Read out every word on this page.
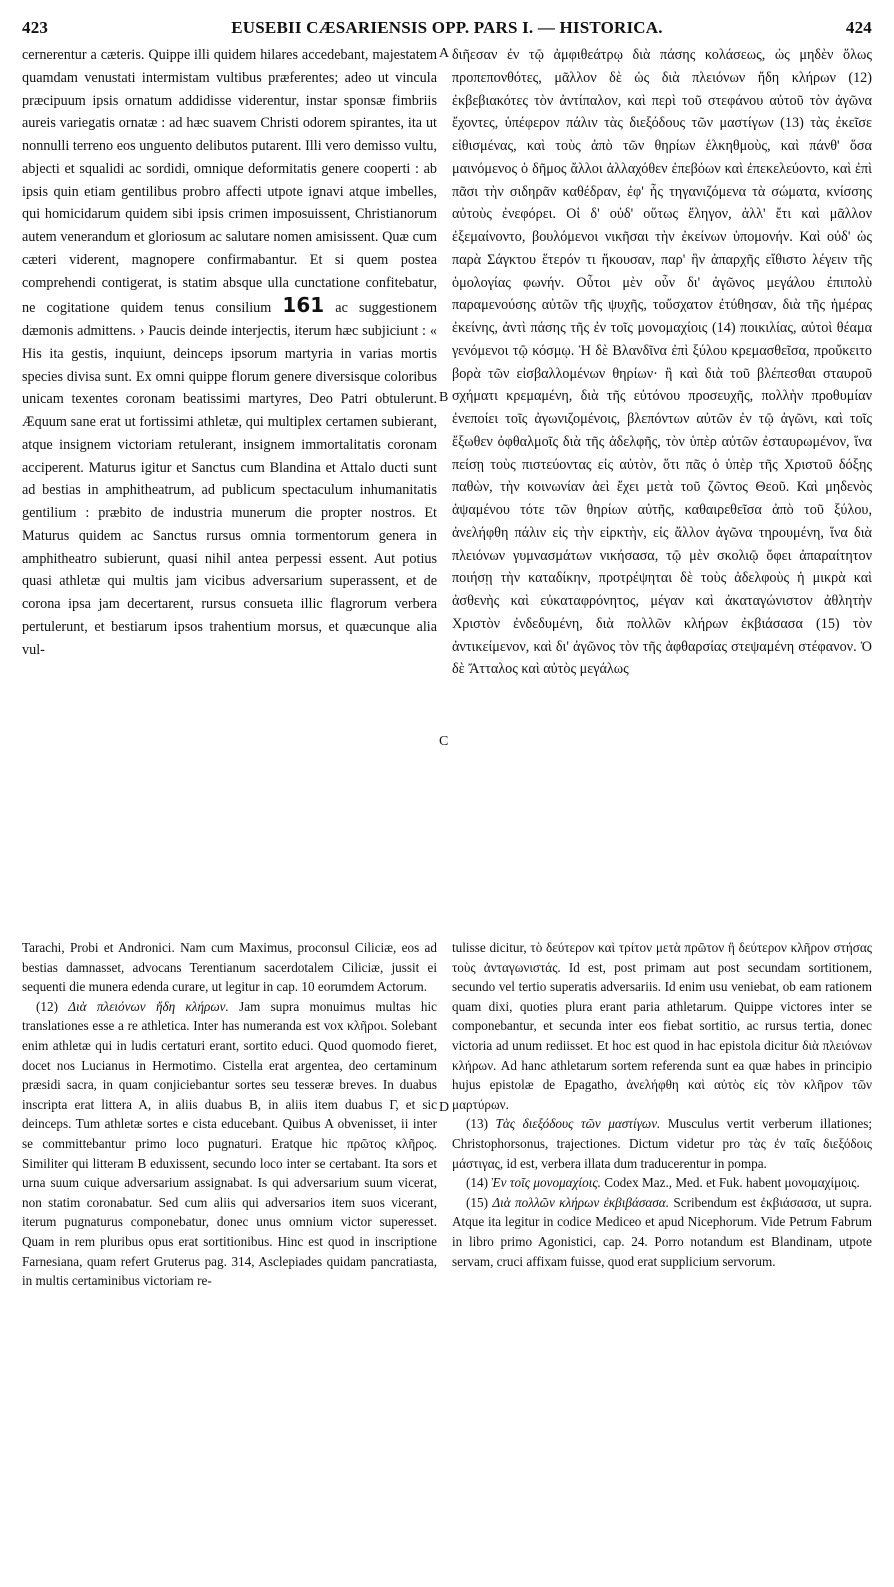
423	EUSEBII CÆSARIENSIS OPP. PARS I. — HISTORICA.	424
A
B
C
D

cernerentur a cæteris. Quippe illi quidem hilares accedebant, majestatem quamdam venustati intermistam vultibus præferentes; adeo ut vincula præcipuum ipsis ornatum addidisse viderentur, instar sponsæ fimbriis aureis variegatis ornatæ : ad hæc suavem Christi odorem spirantes, ita ut nonnulli terreno eos unguento delibutos putarent. Illi vero demisso vultu, abjecti et squalidi ac sordidi, omnique deformitatis genere cooperti : ab ipsis quin etiam gentilibus probro affecti utpote ignavi atque imbelles, qui homicidarum quidem sibi ipsis crimen imposuissent, Christianorum autem venerandum et gloriosum ac salutare nomen amisissent. Quæ cum cæteri viderent, magnopere confirmabantur. Et si quem postea comprehendi contigerat, is statim absque ulla cunctatione confitebatur, ne cogitatione quidem tenus consilium 161 ac suggestionem dæmonis admittens. › Paucis deinde interjectis, iterum hæc subjiciunt : « His ita gestis, inquiunt, deinceps ipsorum martyria in varias mortis species divisa sunt. Ex omni quippe florum genere diversisque coloribus unicam texentes coronam beatissimi martyres, Deo Patri obtulerunt. Æquum sane erat ut fortissimi athletæ, qui multiplex certamen subierant, atque insignem victoriam retulerant, insignem immortalitatis coronam acciperent. Maturus igitur et Sanctus cum Blandina et Attalo ducti sunt ad bestias in amphitheatrum, ad publicum spectaculum inhumanitatis gentilium : præbito de industria munerum die propter nostros. Et Maturus quidem ac Sanctus rursus omnia tormentorum genera in amphitheatro subierunt, quasi nihil antea perpessi essent. Aut potius quasi athletæ qui multis jam vicibus adversarium superassent, et de corona ipsa jam decertarent, rursus consueta illic flagrorum verbera pertulerunt, et bestiarum ipsos trahentium morsus, et quæcunque alia vul-

διῆεσαν ἐν τῷ ἀμφιθεάτρῳ διὰ πάσης κολάσεως, ὡς μηδὲν ὅλως προπεπονθότες, μᾶλλον δὲ ὡς διὰ πλειόνων ἤδη κλήρων (12) ἐκβεβιακότες τὸν ἀντίπαλον, καὶ περὶ τοῦ στεφάνου αὐτοῦ τὸν ἀγῶνα ἔχοντες, ὑπέφερον πάλιν τὰς διεξόδους τῶν μαστίγων (13) τὰς ἐκεῖσε εἰθισμένας, καὶ τοὺς ἀπὸ τῶν θηρίων ἑλκηθμοὺς, καὶ πάνθ' ὅσα μαινόμενος ὁ δῆμος ἄλλοι ἀλλαχόθεν ἐπεβόων καὶ ἐπεκελεύοντο, καὶ ἐπὶ πᾶσι τὴν σιδηρᾶν καθέδραν, ἐφ' ἧς τηγανιζόμενα τὰ σώματα, κνίσσης αὐτοὺς ἐνεφόρει. Οἱ δ' οὐδ' οὕτως ἔληγον, ἀλλ' ἔτι καὶ μᾶλλον ἐξεμαίνοντο, βουλόμενοι νικῆσαι τὴν ἐκείνων ὑπομονήν. Καὶ οὐδ' ὡς παρὰ Σάγκτου ἕτερόν τι ἤκουσαν, παρ' ἣν ἀπαρχῆς εἴθιστο λέγειν τῆς ὁμολογίας φωνήν. Οὗτοι μὲν οὖν δι' ἀγῶνος μεγάλου ἐπιπολὺ παραμενούσης αὐτῶν τῆς ψυχῆς, τοὔσχατον ἐτύθησαν, διὰ τῆς ἡμέρας ἐκείνης, ἀντὶ πάσης τῆς ἐν τοῖς μονομαχίοις (14) ποικιλίας, αὐτοὶ θέαμα γενόμενοι τῷ κόσμῳ. Ἡ δὲ Βλανδῖνα ἐπὶ ξύλου κρεμασθεῖσα, προὔκειτο βορὰ τῶν εἰσβαλλομένων θηρίων· ἣ καὶ διὰ τοῦ βλέπεσθαι σταυροῦ σχήματι κρεμαμένη, διὰ τῆς εὐτόνου προσευχῆς, πολλὴν προθυμίαν ἐνεποίει τοῖς ἀγωνιζομένοις, βλεπόντων αὐτῶν ἐν τῷ ἀγῶνι, καὶ τοῖς ἔξωθεν ὀφθαλμοῖς διὰ τῆς ἀδελφῆς, τὸν ὑπὲρ αὐτῶν ἐσταυρωμένον, ἵνα πείσῃ τοὺς πιστεύοντας εἰς αὐτὸν, ὅτι πᾶς ὁ ὑπὲρ τῆς Χριστοῦ δόξης παθὼν, τὴν κοινωνίαν ἀεὶ ἔχει μετὰ τοῦ ζῶντος Θεοῦ. Καὶ μηδενὸς ἁψαμένου τότε τῶν θηρίων αὐτῆς, καθαιρεθεῖσα ἀπὸ τοῦ ξύλου, ἀνελήφθη πάλιν εἰς τὴν εἱρκτὴν, εἰς ἄλλον ἀγῶνα τηρουμένη, ἵνα διὰ πλειόνων γυμνασμάτων νικήσασα, τῷ μὲν σκολιῷ ὄφει ἀπαραίτητον ποιήσῃ τὴν καταδίκην, προτρέψηται δὲ τοὺς ἀδελφοὺς ἡ μικρὰ καὶ ἀσθενὴς καὶ εὐκαταφρόνητος, μέγαν καὶ ἀκαταγώνιστον ἀθλητὴν Χριστὸν ἐνδεδυμένη, διὰ πολλῶν κλήρων ἐκβιάσασα (15) τὸν ἀντικείμενον, καὶ δι' ἀγῶνος τὸν τῆς ἀφθαρσίας στεψαμένη στέφανον. Ὁ δὲ Ἄτταλος καὶ αὐτὸς μεγάλως

Tarachi, Probi et Andronici. Nam cum Maximus, proconsul Ciliciæ, eos ad bestias damnasset, advocans Terentianum sacerdotalem Ciliciæ, jussit ei sequenti die munera edenda curare, ut legitur in cap. 10 eorumdem Actorum.

(12) Διὰ πλειόνων ἤδη κλήρων. Jam supra monuimus multas hic translationes esse a re athletica. Inter has numeranda est vox κλῆροι. Solebant enim athletæ qui in ludis certaturi erant, sortito educi. Quod quomodo fieret, docet nos Lucianus in Hermotimo. Cistella erat argentea, deo certaminum præsidi sacra, in quam conjiciebantur sortes seu tesseræ breves. In duabus inscripta erat littera A, in aliis duabus B, in aliis item duabus Γ, et sic deinceps. Tum athletæ sortes e cista educebant. Quibus A obvenisset, ii inter se committebantur primo loco pugnaturi. Eratque hic πρῶτος κλῆρος. Similiter qui litteram B eduxissent, secundo loco inter se certabant. Ita sors et urna suum cuique adversarium assignabat. Is qui adversarium suum vicerat, non statim coronabatur. Sed cum aliis qui adversarios item suos vicerant, iterum pugnaturus componebatur, donec unus omnium victor superesset. Quam in rem pluribus opus erat sortitionibus. Hinc est quod in inscriptione Farnesiana, quam refert Gruterus pag. 314, Asclepiades quidam pancratiasta, in multis certaminibus victoriam re-

tulisse dicitur, τὸ δεύτερον καὶ τρίτον μετὰ πρῶτον ἢ δεύτερον κλῆρον στήσας τοὺς ἀνταγωνιστάς. Id est, post primam aut post secundam sortitionem, secundo vel tertio superatis adversariis. Id enim usu veniebat, ob eam rationem quam dixi, quoties plura erant paria athletarum. Quippe victores inter se componebantur, et secunda inter eos fiebat sortitio, ac rursus tertia, donec victoria ad unum rediisset. Et hoc est quod in hac epistola dicitur διὰ πλειόνων κλήρων. Ad hanc athletarum sortem referenda sunt ea quæ habes in principio hujus epistolæ de Epagatho, ἀνελήφθη καὶ αὐτὸς εἰς τὸν κλῆρον τῶν μαρτύρων.

(13) Τὰς διεξόδους τῶν μαστίγων. Musculus vertit verberum illationes; Christophorsonus, trajectiones. Dictum videtur pro τὰς ἐν ταῖς διεξόδοις μάστιγας, id est, verbera illata dum traducerentur in pompa.

(14) Ἐν τοῖς μονομαχίοις. Codex Maz., Med. et Fuk. habent μονομαχίμοις.

(15) Διὰ πολλῶν κλήρων ἐκβιβάσασα. Scribendum est ἐκβιάσασα, ut supra. Atque ita legitur in codice Mediceo et apud Nicephorum. Vide Petrum Fabrum in libro primo Agonistici, cap. 24. Porro notandum est Blandinam, utpote servam, cruci affixam fuisse, quod erat supplicium servorum.
